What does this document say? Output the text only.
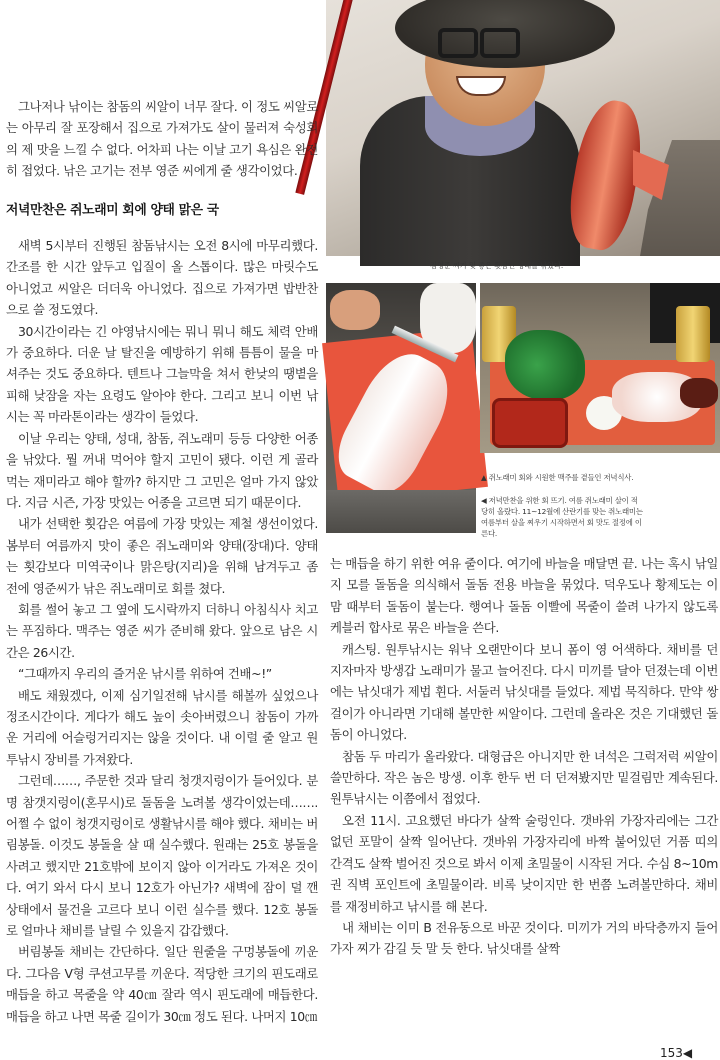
김영준 씨가 잊 좋은 횟감인 성대를 낚았다.
▲ 쥐노래미 회와 시원한 맥주를 곁들인 저녁식사.
◀ 저녁만찬을 위한 회 뜨기. 여름 쥐노래미 살이 적당히 올랐다. 11~12월에 산란기를 맞는 쥐노래미는 여름부터 살을 찌우기 시작하면서 회 맛도 절정에 이른다.

그나저나 낚이는 참돔의 씨알이 너무 잘다. 이 정도 씨알로는 아무리 잘 포장해서 집으로 가져가도 살이 물러져 숙성회의 제 맛을 느낄 수 없다. 어차피 나는 이날 고기 욕심은 완전히 접었다. 낚은 고기는 전부 영준 씨에게 줄 생각이었다.

저녁만찬은 쥐노래미 회에 양태 맑은 국

새벽 5시부터 진행된 참돔낚시는 오전 8시에 마무리했다. 간조를 한 시간 앞두고 입질이 올 스톱이다. 많은 마릿수도 아니었고 씨알은 더더욱 아니었다. 집으로 가져가면 밥반찬으로 쓸 정도였다.

30시간이라는 긴 야영낚시에는 뭐니 뭐니 해도 체력 안배가 중요하다. 더운 날 탈진을 예방하기 위해 틈틈이 물을 마셔주는 것도 중요하다. 텐트나 그늘막을 쳐서 한낮의 땡볕을 피해 낮잠을 자는 요령도 알아야 한다. 그리고 보니 이번 낚시는 꼭 마라톤이라는 생각이 들었다.

이날 우리는 양태, 성대, 참돔, 쥐노래미 등등 다양한 어종을 낚았다. 뭘 꺼내 먹어야 할지 고민이 됐다. 이런 게 골라 먹는 재미라고 해야 할까? 하지만 그 고민은 얼마 가지 않았다. 지금 시즌, 가장 맛있는 어종을 고르면 되기 때문이다.

내가 선택한 횟감은 여름에 가장 맛있는 제철 생선이었다. 봄부터 여름까지 맛이 좋은 쥐노래미와 양태(장대)다. 양태는 횟감보다 미역국이나 맑은탕(지리)을 위해 남겨두고 좀 전에 영준씨가 낚은 쥐노래미로 회를 쳤다.

회를 썰어 놓고 그 옆에 도시락까지 더하니 아침식사 치고는 푸짐하다. 맥주는 영준 씨가 준비해 왔다. 앞으로 남은 시간은 26시간.

“그때까지 우리의 즐거운 낚시를 위하여 건배~!”

배도 채웠겠다, 이제 심기일전해 낚시를 해볼까 싶었으나 정조시간이다. 게다가 해도 높이 솟아버렸으니 참돔이 가까운 거리에 어슬렁거리지는 않을 것이다. 내 이럴 줄 알고 원투낚시 장비를 가져왔다.

그런데……, 주문한 것과 달리 청갯지렁이가 들어있다. 분명 참갯지렁이(혼무시)로 돌돔을 노려볼 생각이었는데……. 어쩔 수 없이 청갯지렁이로 생활낚시를 해야 했다. 채비는 버림봉돌. 이것도 봉돌을 살 때 실수했다. 원래는 25호 봉돌을 사려고 했지만 21호밖에 보이지 않아 이거라도 가져온 것이다. 여기 와서 다시 보니 12호가 아닌가? 새벽에 잠이 덜 깬 상태에서 물건을 고르다 보니 이런 실수를 했다. 12호 봉돌로 얼마나 채비를 날릴 수 있을지 갑갑했다.

버림봉돌 채비는 간단하다. 일단 원줄을 구멍봉돌에 끼운다. 그다음 V형 쿠션고무를 끼운다. 적당한 크기의 핀도래로 매듭을 하고 목줄을 약 40㎝ 잘라 역시 핀도래에 매듭한다. 매듭을 하고 나면 목줄 길이가 30㎝ 정도 된다. 나머지 10㎝

는 매듭을 하기 위한 여유 줄이다. 여기에 바늘을 매달면 끝. 나는 혹시 낚일지 모를 돌돔을 의식해서 돌돔 전용 바늘을 묶었다. 덕우도나 황제도는 이맘 때부터 돌돔이 붙는다. 행여나 돌돔 이빨에 목줄이 쓸려 나가지 않도록 케블러 합사로 묶은 바늘을 쓴다.

캐스팅. 원투낚시는 워낙 오랜만이다 보니 폼이 영 어색하다. 채비를 던지자마자 방생갑 노래미가 물고 늘어진다. 다시 미끼를 달아 던졌는데 이번에는 낚싯대가 제법 휜다. 서둘러 낚싯대를 들었다. 제법 묵직하다. 만약 쌍걸이가 아니라면 기대해 볼만한 씨알이다. 그런데 올라온 것은 기대했던 돌돔이 아니었다.

참돔 두 마리가 올라왔다. 대형급은 아니지만 한 녀석은 그럭저럭 씨알이 쓸만하다. 작은 놈은 방생. 이후 한두 번 더 던져봤지만 밑걸림만 계속된다. 원투낚시는 이쯤에서 접었다.

오전 11시. 고요했던 바다가 살짝 술렁인다. 갯바위 가장자리에는 그간 없던 포말이 살짝 일어난다. 갯바위 가장자리에 바짝 붙어있던 거품 띠의 간격도 살짝 벌어진 것으로 봐서 이제 초밀물이 시작된 거다. 수심 8~10m 권 직벽 포인트에 초밀물이라. 비록 낮이지만 한 번쯤 노려볼만하다. 채비를 재정비하고 낚시를 해 본다.

내 채비는 이미 B 전유동으로 바꾼 것이다. 미끼가 거의 바닥층까지 들어가자 찌가 감길 듯 말 듯 한다. 낚싯대를 살짝

153◀
